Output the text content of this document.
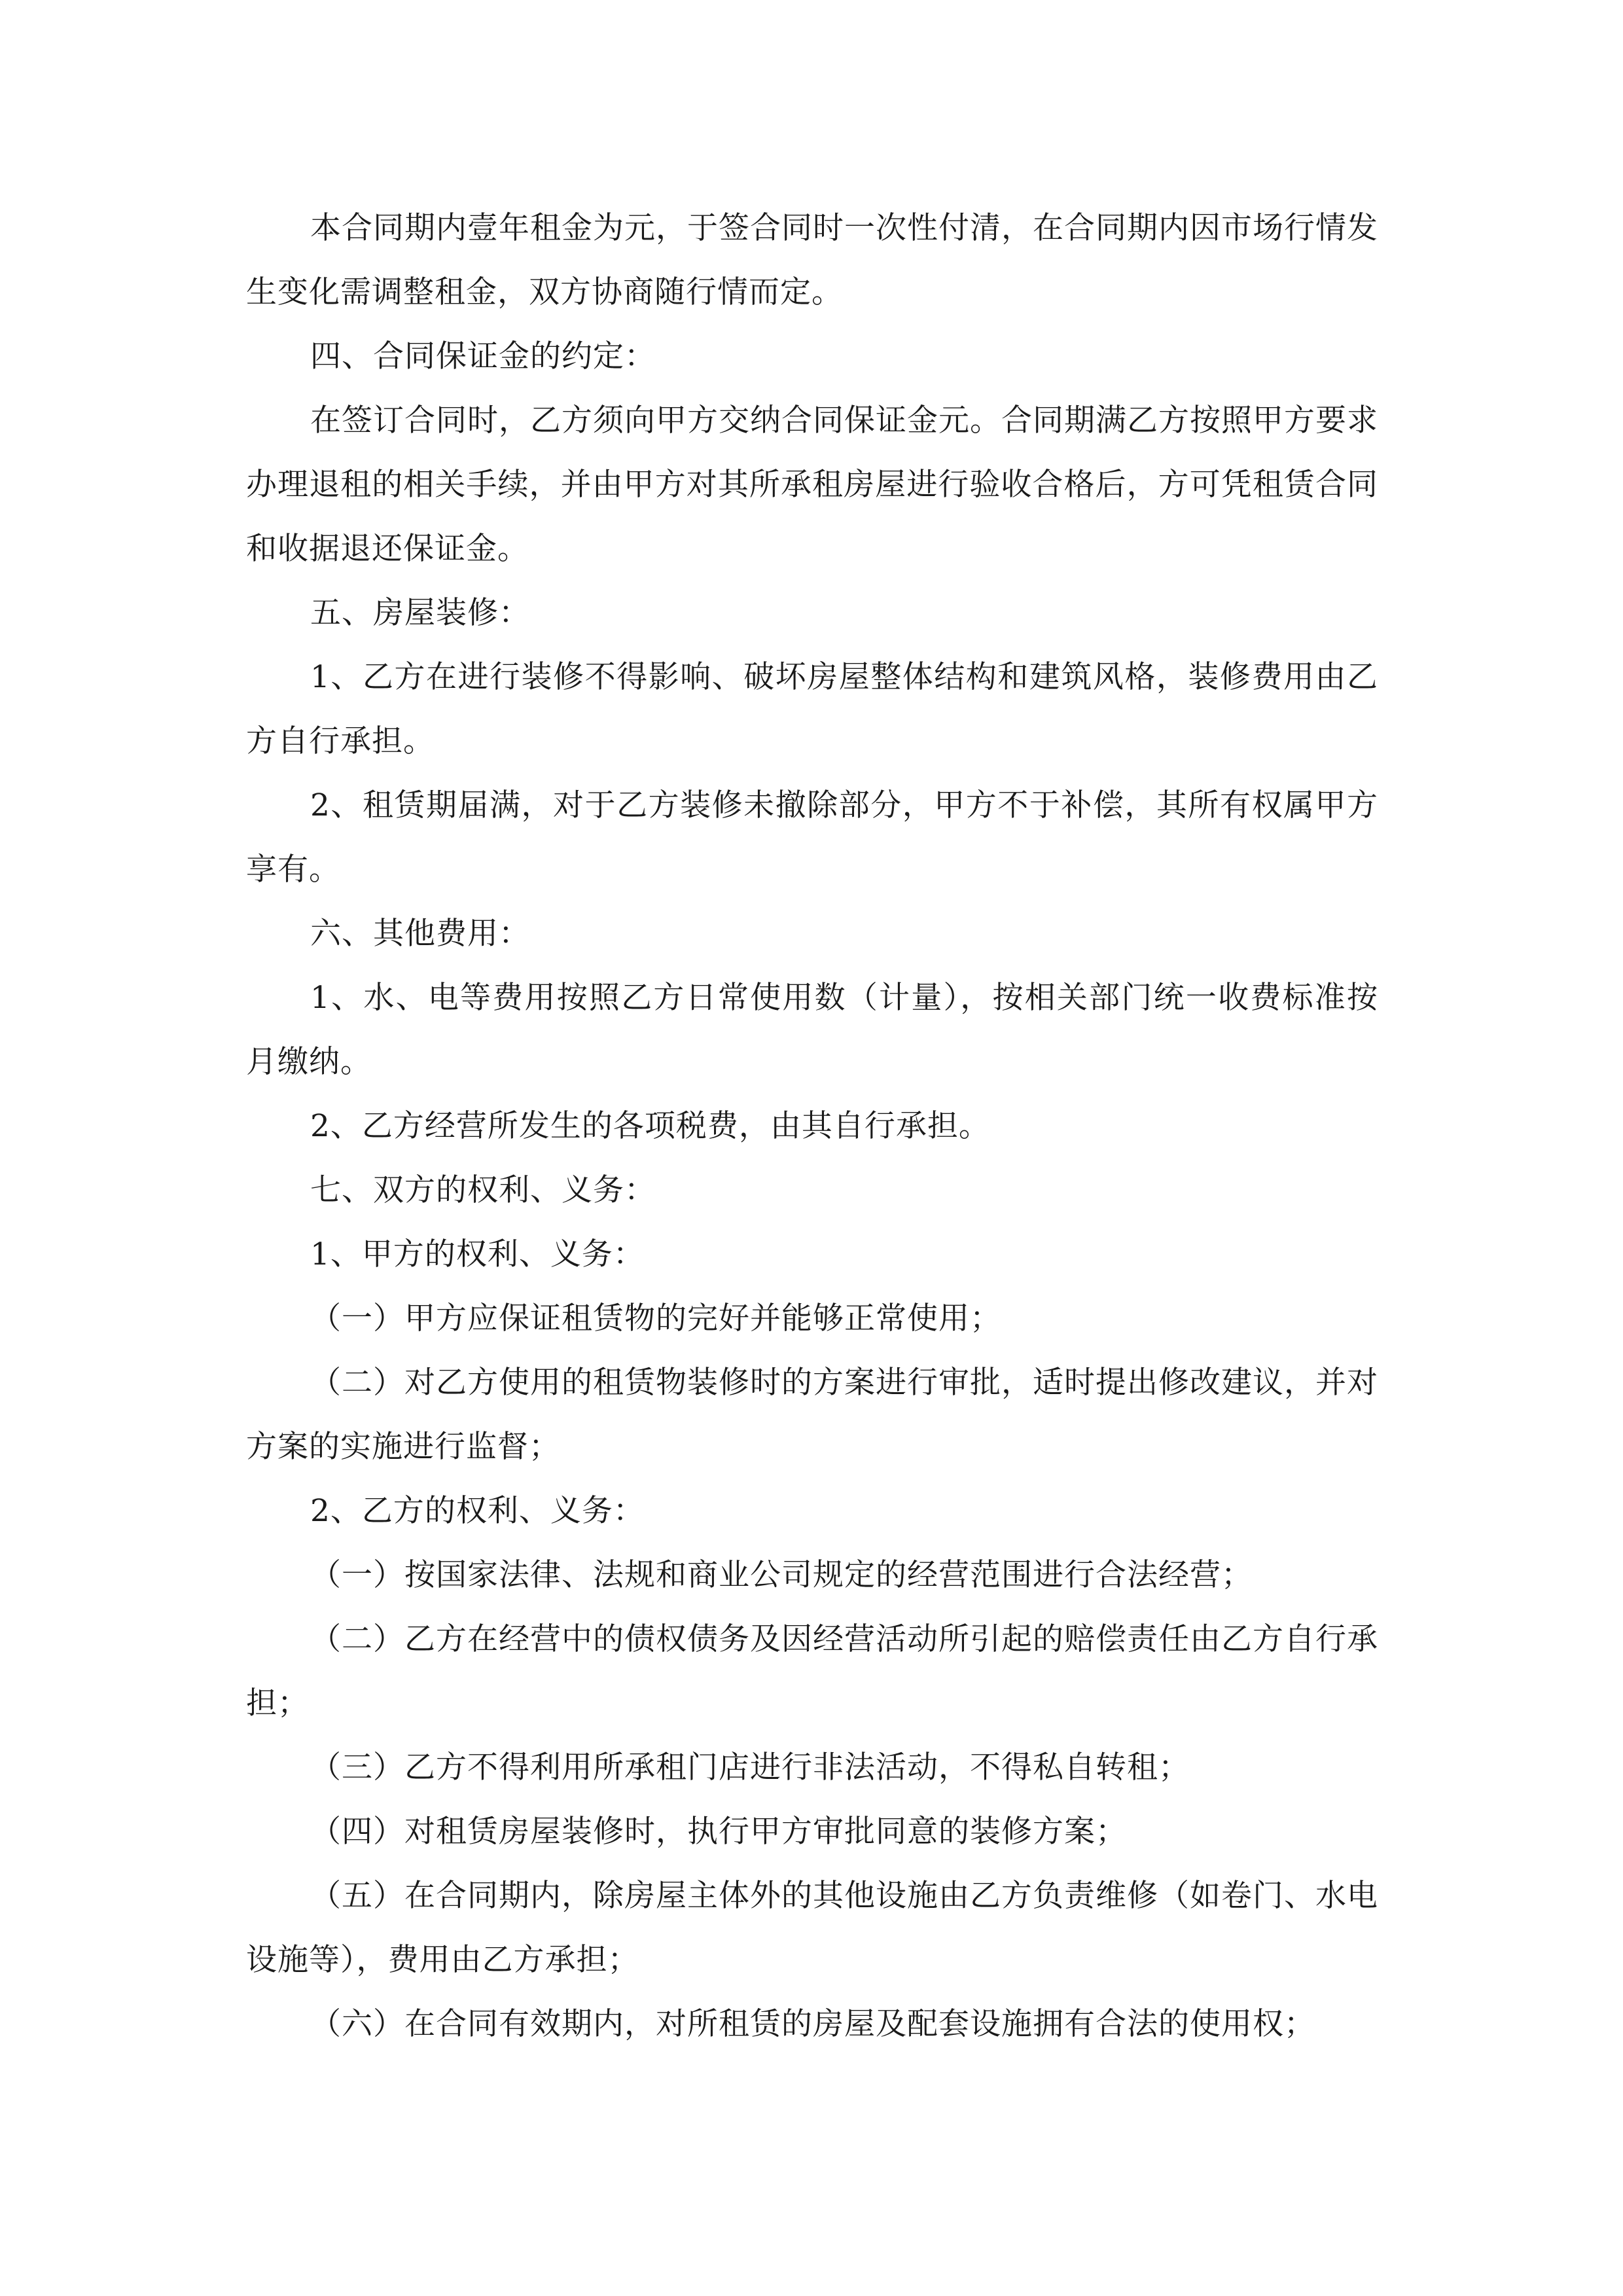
本合同期内壹年租金为元，于签合同时一次性付清，在合同期内因市场行情发生变化需调整租金，双方协商随行情而定。

四、合同保证金的约定：

在签订合同时，乙方须向甲方交纳合同保证金元。合同期满乙方按照甲方要求办理退租的相关手续，并由甲方对其所承租房屋进行验收合格后，方可凭租赁合同和收据退还保证金。

五、房屋装修：

1、乙方在进行装修不得影响、破坏房屋整体结构和建筑风格，装修费用由乙方自行承担。

2、租赁期届满，对于乙方装修未撤除部分，甲方不于补偿，其所有权属甲方享有。

六、其他费用：

1、水、电等费用按照乙方日常使用数（计量），按相关部门统一收费标准按月缴纳。

2、乙方经营所发生的各项税费，由其自行承担。

七、双方的权利、义务：

1、甲方的权利、义务：

（一）甲方应保证租赁物的完好并能够正常使用；

（二）对乙方使用的租赁物装修时的方案进行审批，适时提出修改建议，并对方案的实施进行监督；

2、乙方的权利、义务：

（一）按国家法律、法规和商业公司规定的经营范围进行合法经营；

（二）乙方在经营中的债权债务及因经营活动所引起的赔偿责任由乙方自行承担；

（三）乙方不得利用所承租门店进行非法活动，不得私自转租；

（四）对租赁房屋装修时，执行甲方审批同意的装修方案；

（五）在合同期内，除房屋主体外的其他设施由乙方负责维修（如卷门、水电设施等），费用由乙方承担；

（六）在合同有效期内，对所租赁的房屋及配套设施拥有合法的使用权；
